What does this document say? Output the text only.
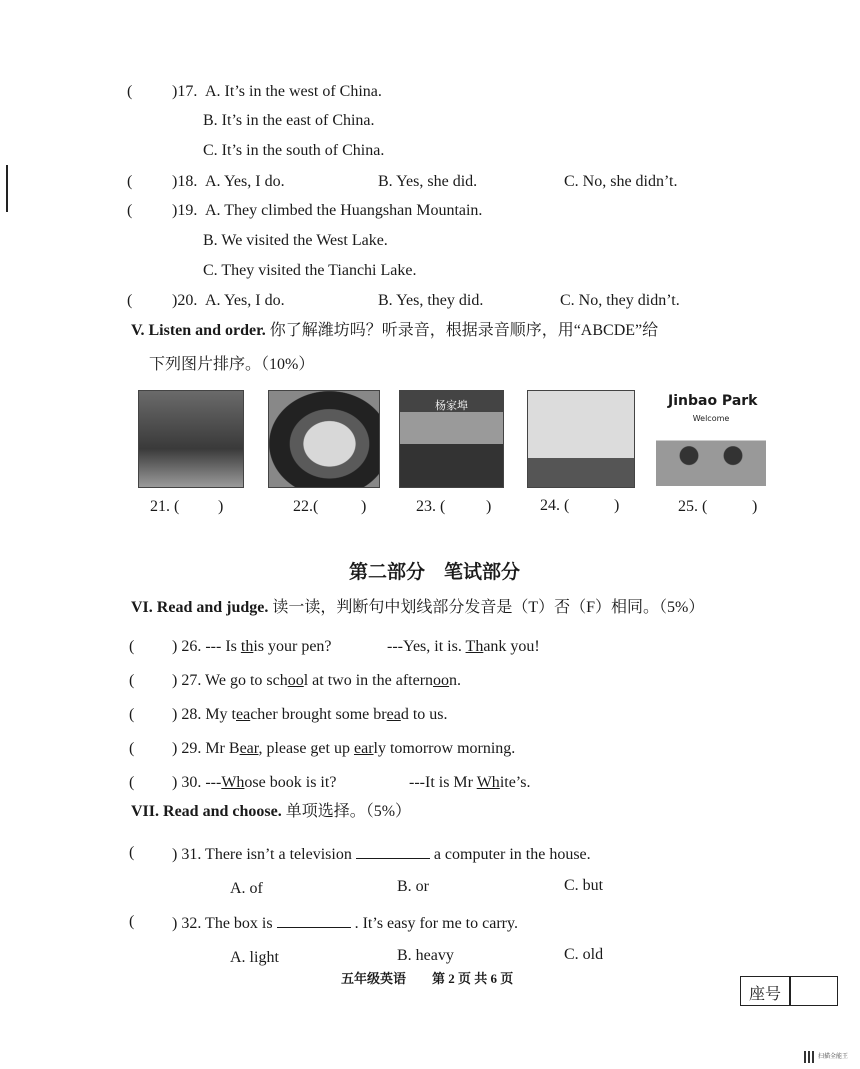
( )17. A. It’s in the west of China.
B. It’s in the east of China.
C. It’s in the south of China.
( )18. A. Yes, I do.	B. Yes, she did.	C. No, she didn’t.
( )19. A. They climbed the Huangshan Mountain.
B. We visited the West Lake.
C. They visited the Tianchi Lake.
( )20. A. Yes, I do.	B. Yes, they did.	C. No, they didn’t.
V. Listen and order. 你了解潍坊吗？听录音，根据录音顺序，用“ABCDE”给
下列图片排序。（10%）
杨家埠	Jinbao Park
Welcome
21. ( )	22.(	)	23. (	)	24. (	)	25. (	)
第二部分　笔试部分
VI. Read and judge. 读一读，判断句中划线部分发音是（T）否（F）相同。（5%）
( ) 26. --- Is this your pen?	---Yes, it is. Thank you!
( ) 27. We go to school at two in the afternoon.
( ) 28. My teacher brought some bread to us.
( ) 29. Mr Bear, please get up early tomorrow morning.
( ) 30. ---Whose book is it?	---It is Mr White’s.
VII. Read and choose. 单项选择。（5%）
( ) 31. There isn’t a television	a computer in the house.
A. of	B. or	C. but
( ) 32. The box is	. It’s easy for me to carry.
A. light	B. heavy	C. old
五年级英语　　第 2 页 共 6 页
座号
扫描全能王
